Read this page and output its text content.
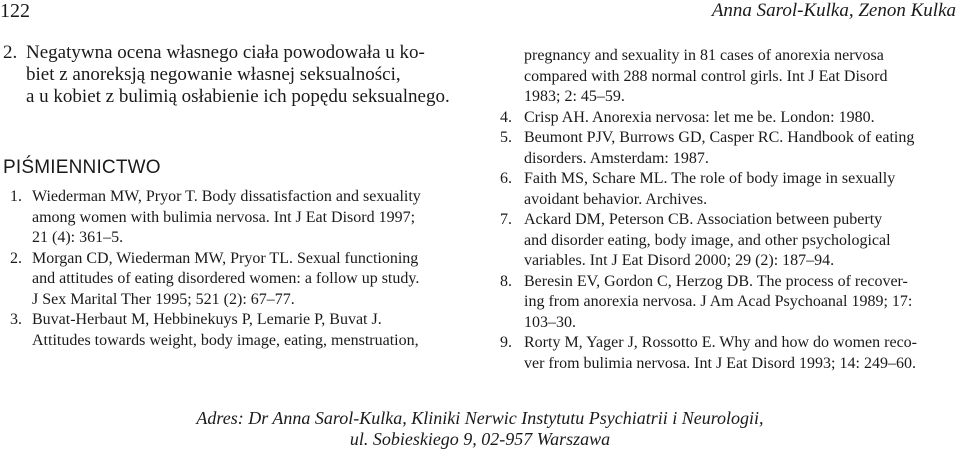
122	Anna Sarol-Kulka, Zenon Kulka
2. Negatywna ocena własnego ciała powodowała u ko-
biet z anoreksją negowanie własnej seksualności,
a u kobiet z bulimią osłabienie ich popędu seksualnego.
PIŚMIENNICTWO
1. Wiederman MW, Pryor T. Body dissatisfaction and sexuality
among women with bulimia nervosa. Int J Eat Disord 1997;
21 (4): 361–5.
2. Morgan CD, Wiederman MW, Pryor TL. Sexual functioning
and attitudes of eating disordered women: a follow up study.
J Sex Marital Ther 1995; 521 (2): 67–77.
3. Buvat-Herbaut M, Hebbinekuys P, Lemarie P, Buvat J.
Attitudes towards weight, body image, eating, menstruation,
pregnancy and sexuality in 81 cases of anorexia nervosa
compared with 288 normal control girls. Int J Eat Disord
1983; 2: 45–59.
4. Crisp AH. Anorexia nervosa: let me be. London: 1980.
5. Beumont PJV, Burrows GD, Casper RC. Handbook of eating
disorders. Amsterdam: 1987.
6. Faith MS, Schare ML. The role of body image in sexually
avoidant behavior. Archives.
7. Ackard DM, Peterson CB. Association between puberty
and disorder eating, body image, and other psychological
variables. Int J Eat Disord 2000; 29 (2): 187–94.
8. Beresin EV, Gordon C, Herzog DB. The process of recover-
ing from anorexia nervosa. J Am Acad Psychoanal 1989; 17:
103–30.
9. Rorty M, Yager J, Rossotto E. Why and how do women reco-
ver from bulimia nervosa. Int J Eat Disord 1993; 14: 249–60.
Adres: Dr Anna Sarol-Kulka, Kliniki Nerwic Instytutu Psychiatrii i Neurologii,
ul. Sobieskiego 9, 02-957 Warszawa
